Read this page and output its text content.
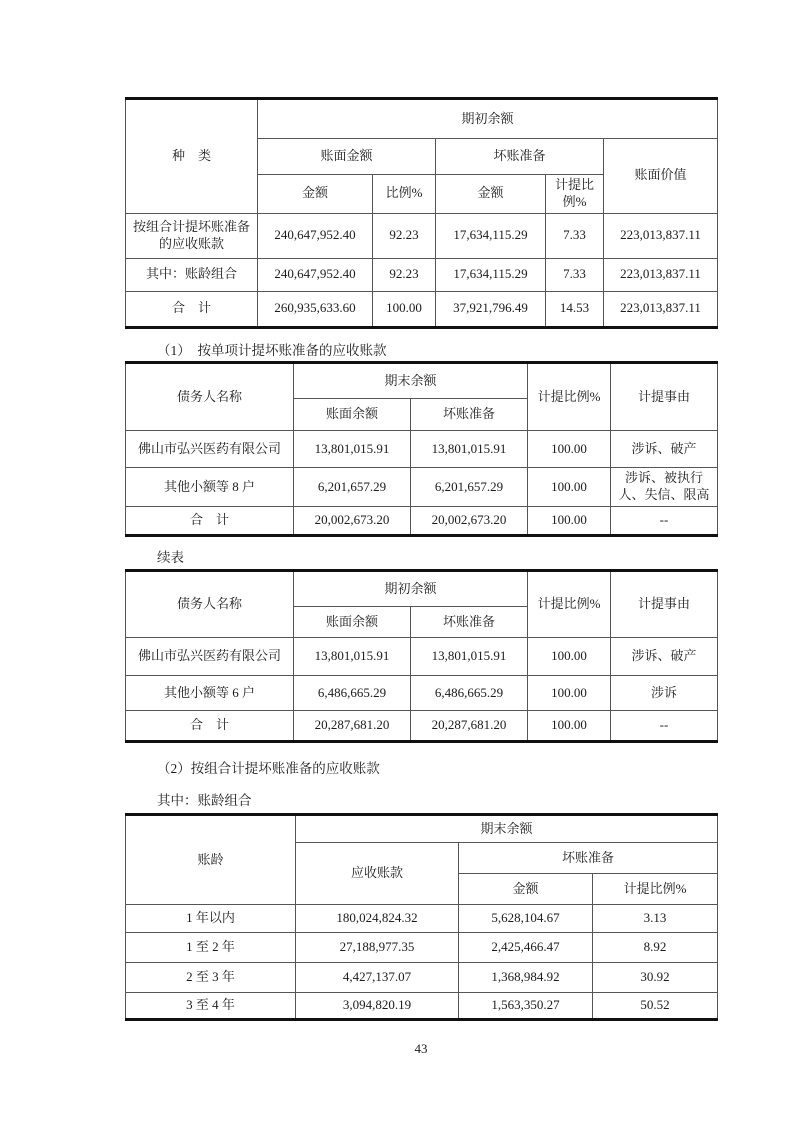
种　类	期初余额				
	账面金额		坏账准备		账面价值
	金额	比例%	金额	计提比例%	
按组合计提坏账准备的应收账款	240,647,952.40	92.23	17,634,115.29	7.33	223,013,837.11
其中：账龄组合	240,647,952.40	92.23	17,634,115.29	7.33	223,013,837.11
合　计	260,935,633.60	100.00	37,921,796.49	14.53	223,013,837.11
（1）　按单项计提坏账准备的应收账款
债务人名称	期末余额		计提比例%	计提事由
	账面余额	坏账准备		
佛山市弘兴医药有限公司	13,801,015.91	13,801,015.91	100.00	涉诉、破产
其他小额等 8 户	6,201,657.29	6,201,657.29	100.00	涉诉、被执行人、失信、限高
合　计	20,002,673.20	20,002,673.20	100.00	--
续表
债务人名称	期初余额		计提比例%	计提事由
	账面余额	坏账准备		
佛山市弘兴医药有限公司	13,801,015.91	13,801,015.91	100.00	涉诉、破产
其他小额等 6 户	6,486,665.29	6,486,665.29	100.00	涉诉
合　计	20,287,681.20	20,287,681.20	100.00	--
（2）按组合计提坏账准备的应收账款
其中：账龄组合
账龄	期末余额		
	应收账款	坏账准备	
		金额	计提比例%
1 年以内	180,024,824.32	5,628,104.67	3.13
1 至 2 年	27,188,977.35	2,425,466.47	8.92
2 至 3 年	4,427,137.07	1,368,984.92	30.92
3 至 4 年	3,094,820.19	1,563,350.27	50.52
43
